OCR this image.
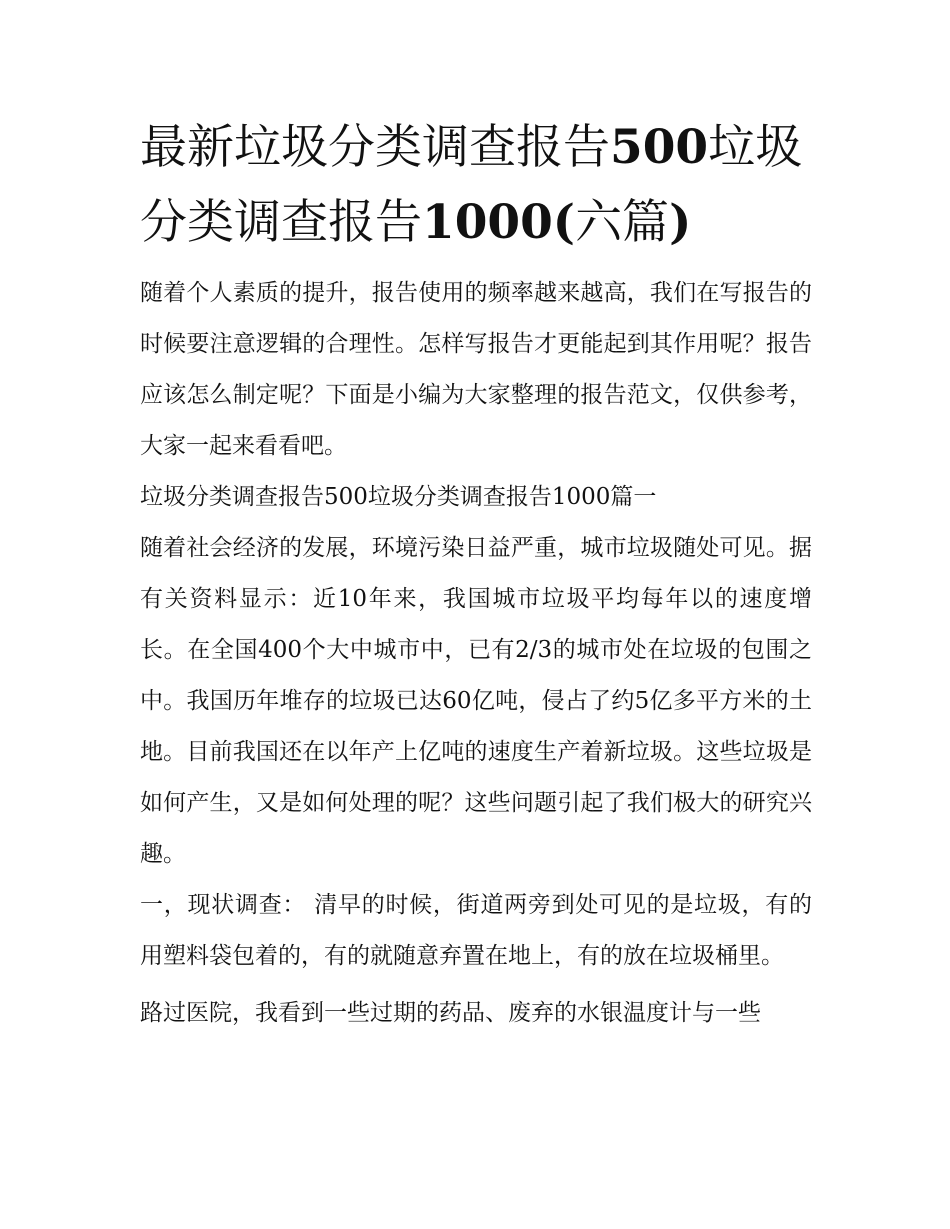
最新垃圾分类调查报告500垃圾分类调查报告1000(六篇)

随着个人素质的提升，报告使用的频率越来越高，我们在写报告的时候要注意逻辑的合理性。怎样写报告才更能起到其作用呢？报告应该怎么制定呢？下面是小编为大家整理的报告范文，仅供参考，大家一起来看看吧。

垃圾分类调查报告500垃圾分类调查报告1000篇一

随着社会经济的发展，环境污染日益严重，城市垃圾随处可见。据有关资料显示：近10年来，我国城市垃圾平均每年以的速度增长。在全国400个大中城市中，已有2/3的城市处在垃圾的包围之中。我国历年堆存的垃圾已达60亿吨，侵占了约5亿多平方米的土地。目前我国还在以年产上亿吨的速度生产着新垃圾。这些垃圾是如何产生，又是如何处理的呢？这些问题引起了我们极大的研究兴趣。

一，现状调查： 清早的时候，街道两旁到处可见的是垃圾，有的用塑料袋包着的，有的就随意弃置在地上，有的放在垃圾桶里。

路过医院，我看到一些过期的药品、废弃的水银温度计与一些
